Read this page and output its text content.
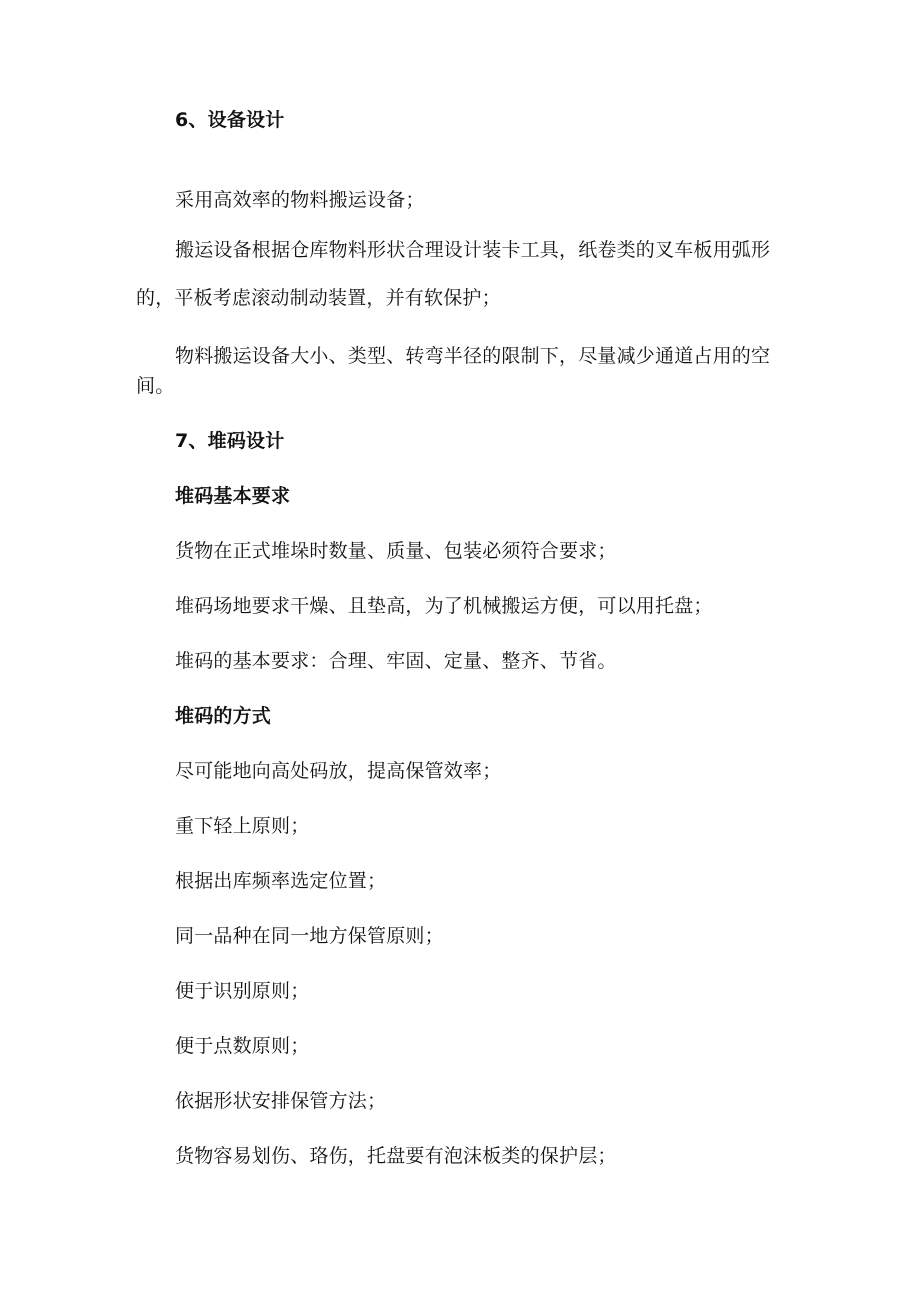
6、设备设计
采用高效率的物料搬运设备；
搬运设备根据仓库物料形状合理设计装卡工具，纸卷类的叉车板用弧形
的，平板考虑滚动制动装置，并有软保护；
物料搬运设备大小、类型、转弯半径的限制下，尽量减少通道占用的空
间。
7、堆码设计
堆码基本要求
货物在正式堆垛时数量、质量、包装必须符合要求；
堆码场地要求干燥、且垫高，为了机械搬运方便，可以用托盘；
堆码的基本要求：合理、牢固、定量、整齐、节省。
堆码的方式
尽可能地向高处码放，提高保管效率；
重下轻上原则；
根据出库频率选定位置；
同一品种在同一地方保管原则；
便于识别原则；
便于点数原则；
依据形状安排保管方法；
货物容易划伤、珞伤，托盘要有泡沫板类的保护层；
